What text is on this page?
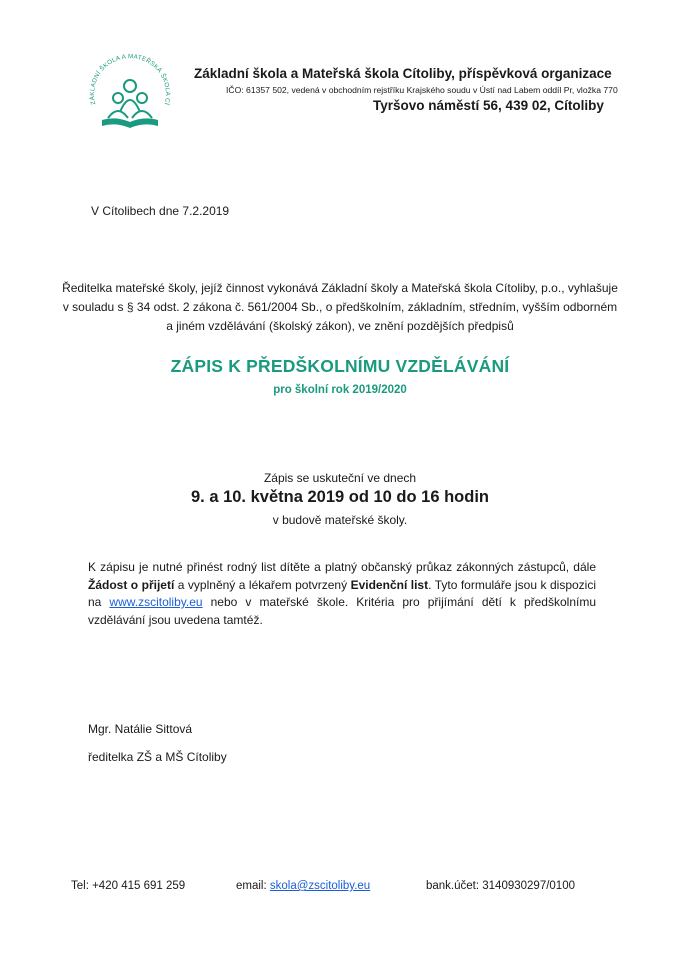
ZÁKLADNÍ ŠKOLA A MATEŘSKÁ ŠKOLA CÍ
Základní škola a Mateřská škola Cítoliby, příspěvková organizace
IČO: 61357 502, vedená v obchodním rejstříku Krajského soudu v Ústí nad Labem oddíl Pr, vložka 770
Tyršovo náměstí 56, 439 02, Cítoliby
V Cítolibech dne 7.2.2019
Ředitelka mateřské školy, jejíž činnost vykonává Základní školy a Mateřská škola Cítoliby, p.o., vyhlašuje v souladu s § 34 odst. 2 zákona č. 561/2004 Sb., o předškolním, základním, středním, vyšším odborném a jiném vzdělávání (školský zákon), ve znění pozdějších předpisů
ZÁPIS K PŘEDŠKOLNÍMU VZDĚLÁVÁNÍ
pro školní rok 2019/2020
Zápis se uskuteční ve dnech
9. a 10. května 2019 od 10 do 16 hodin
v budově mateřské školy.
K zápisu je nutné přinést rodný list dítěte a platný občanský průkaz zákonných zástupců, dále Žádost o přijetí a vyplněný a lékařem potvrzený Evidenční list. Tyto formuláře jsou k dispozici na www.zscitoliby.eu nebo v mateřské škole. Kritéria pro přijímání dětí k předškolnímu vzdělávání jsou uvedena tamtéž.
Mgr. Natálie Sittová
ředitelka ZŠ a MŠ Cítoliby
Tel: +420 415 691 259	email: skola@zscitoliby.eu	bank.účet: 3140930297/0100
